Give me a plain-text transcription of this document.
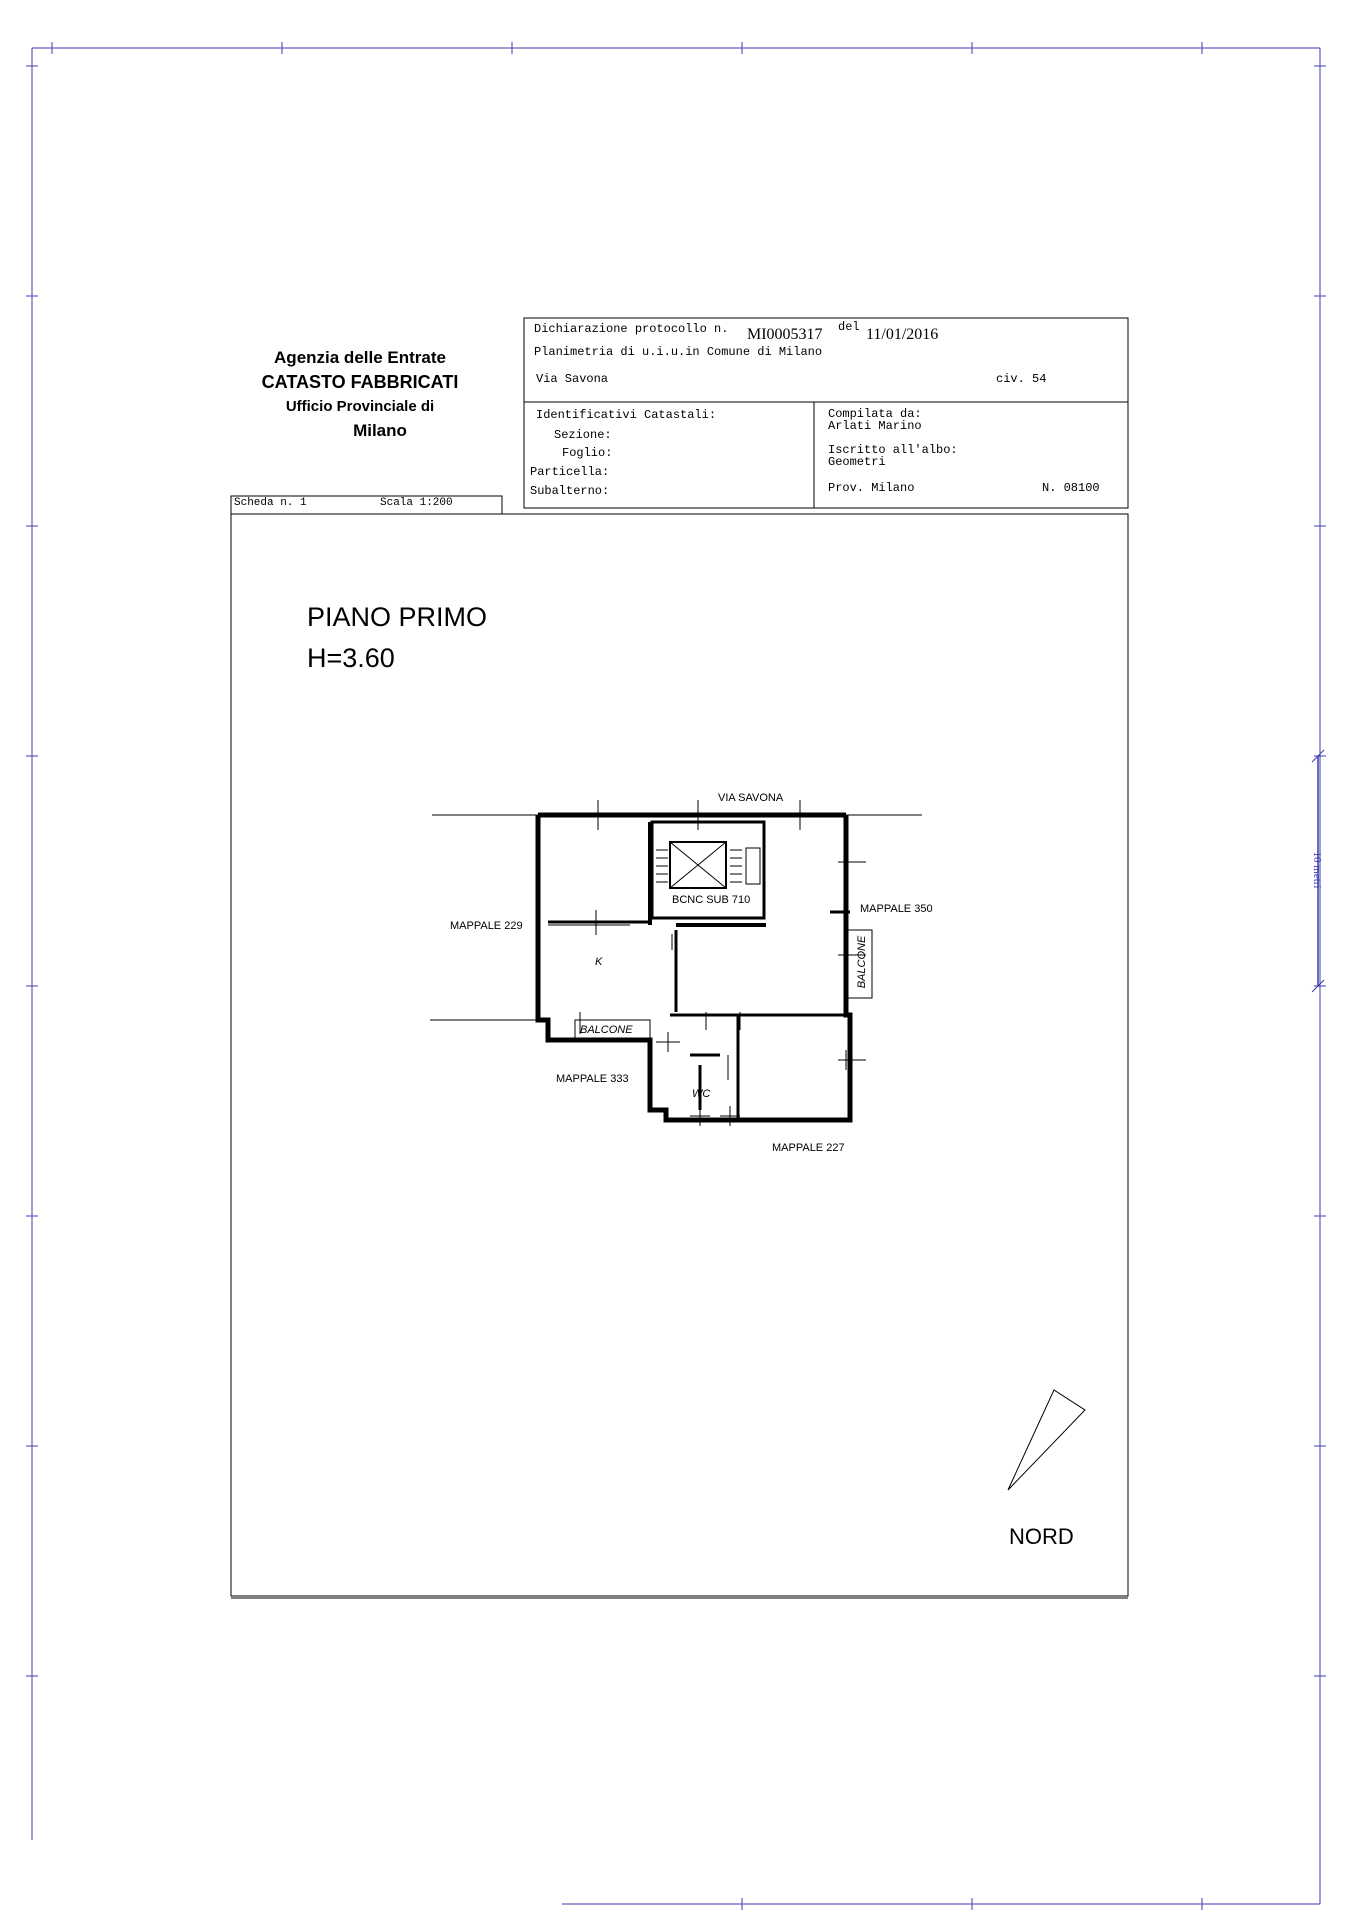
10 metri
Agenzia delle Entrate
CATASTO FABBRICATI
Ufficio Provinciale di
Milano
Dichiarazione protocollo n. MI0005317 del 11/01/2016
Planimetria di u.i.u.in Comune di Milano
Via Savona	civ. 54
Identificativi Catastali:
Sezione:
Foglio:
Particella:
Subalterno:
Compilata da:
Arlati Marino
Iscritto all'albo:
Geometri
Prov. Milano	N. 08100
Scheda n. 1	Scala 1:200
PIANO PRIMO
H=3.60
VIA SAVONA
BCNC SUB 710
MAPPALE 229
MAPPALE 350
MAPPALE 333
MAPPALE 227
K
BALCONE
BALCONE
WC
NORD
